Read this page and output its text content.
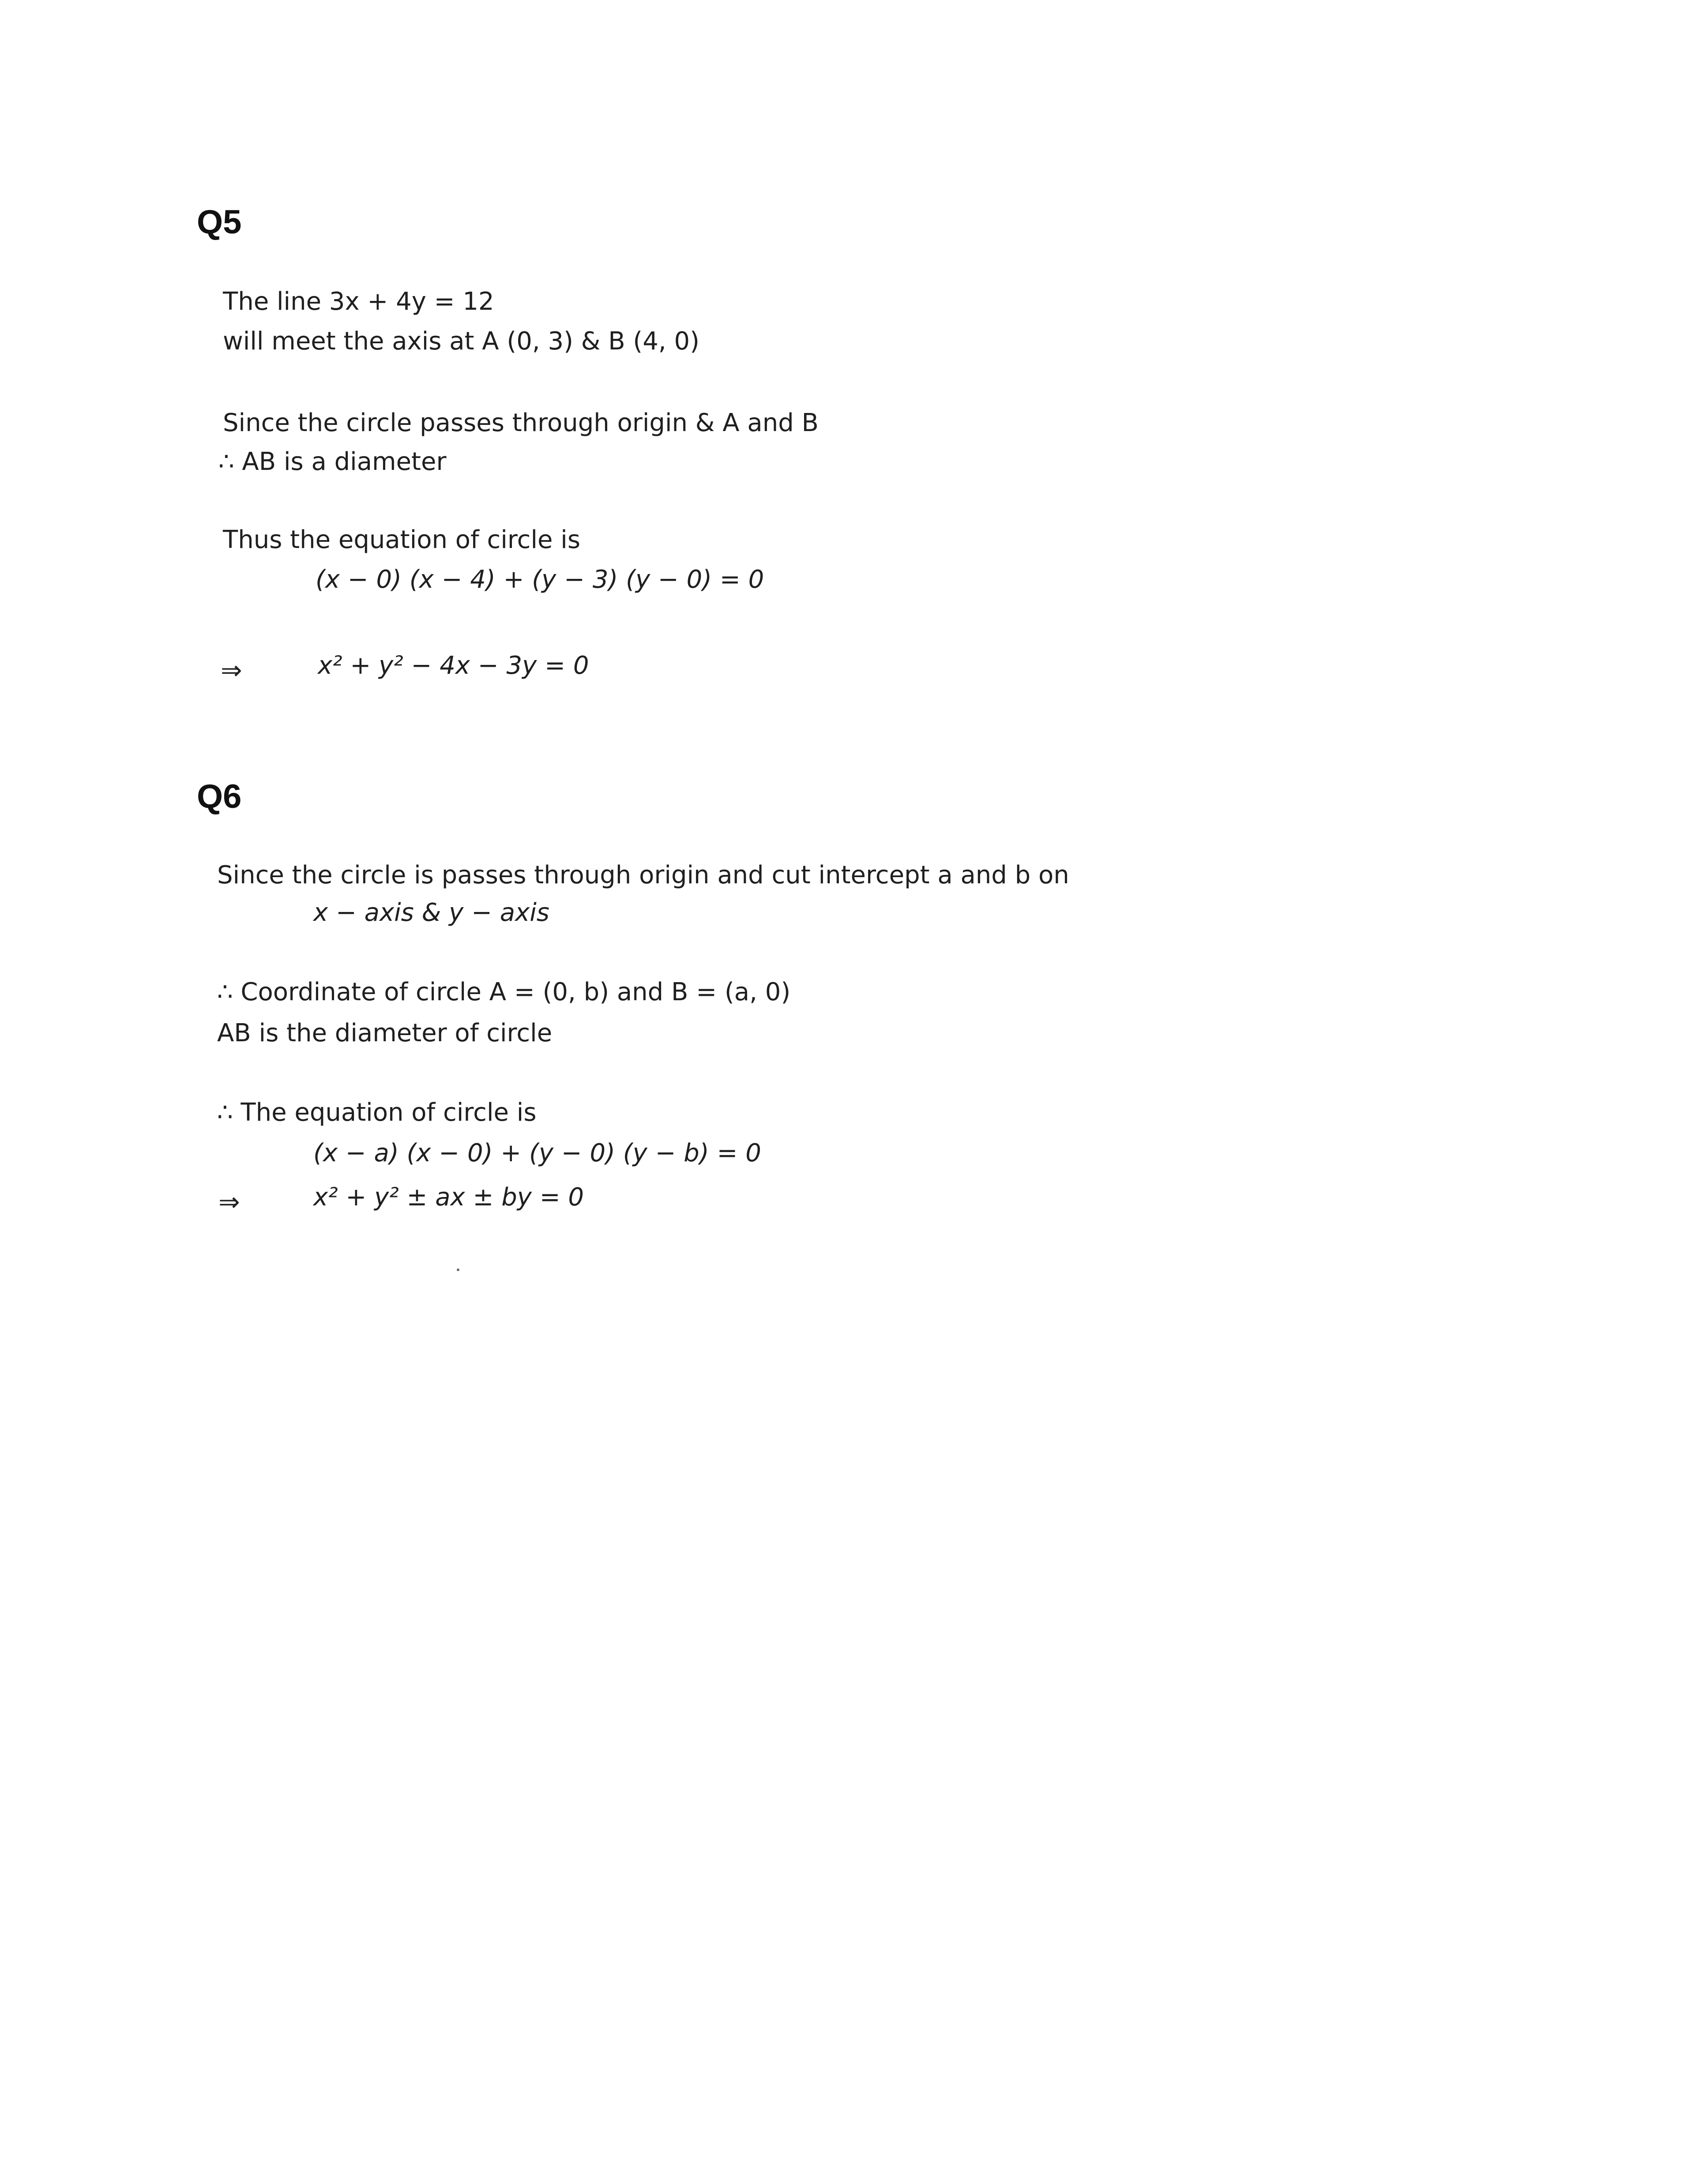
Q5

The line 3x + 4y = 12

will meet the axis at A (0, 3) & B (4, 0)

Since the circle passes through origin & A and B

∴ AB is a diameter

Thus the equation of circle is

(x − 0) (x − 4) + (y − 3) (y − 0) = 0

⇒	x² + y² − 4x − 3y = 0

Q6

Since the circle is passes through origin and cut intercept a and b on

x − axis & y − axis

∴ Coordinate of circle A = (0, b) and B = (a, 0)

AB is the diameter of circle

∴ The equation of circle is

(x − a) (x − 0) + (y − 0) (y − b) = 0

⇒	x² + y² ± ax ± by = 0
